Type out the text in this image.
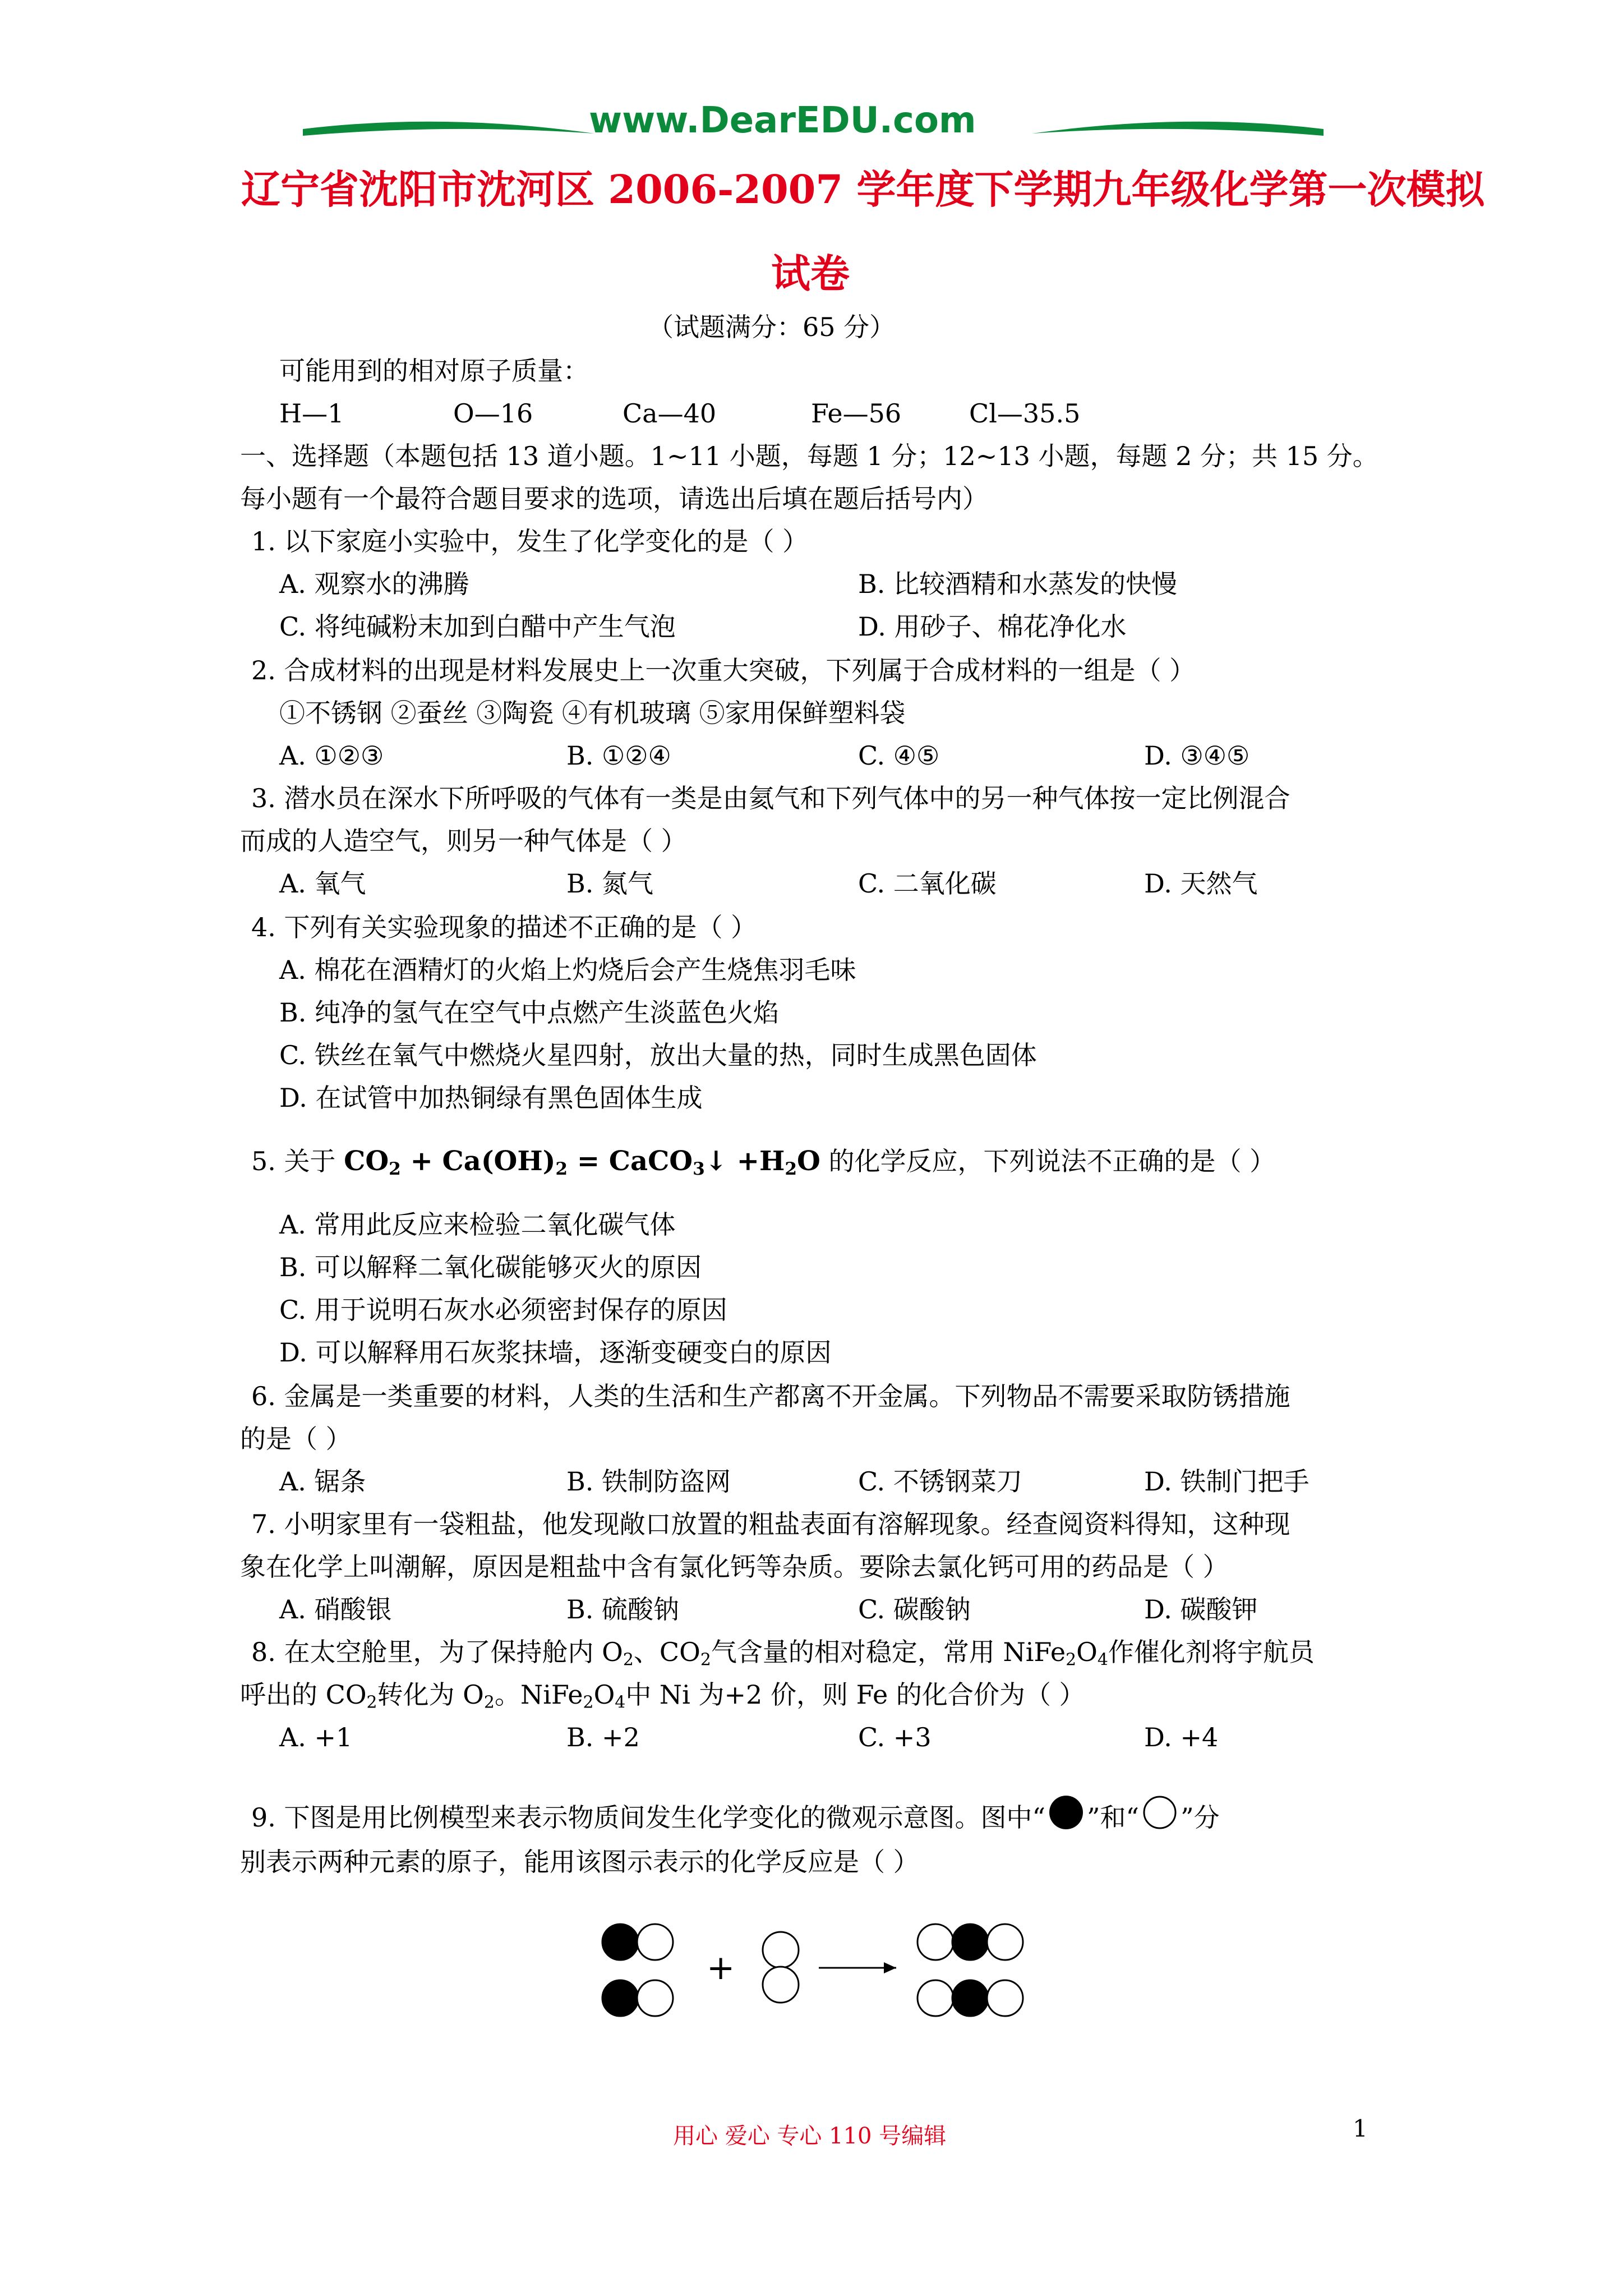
www.DearEDU.com
辽宁省沈阳市沈河区 2006-2007 学年度下学期九年级化学第一次模拟
试卷
（试题满分：65 分）
可能用到的相对原子质量：
H—1	O—16	Ca—40	Fe—56	Cl—35.5
一、选择题（本题包括 13 道小题。1~11 小题，每题 1 分；12~13 小题，每题 2 分；共 15 分。
每小题有一个最符合题目要求的选项，请选出后填在题后括号内）
1. 以下家庭小实验中，发生了化学变化的是（ ）
A. 观察水的沸腾	B. 比较酒精和水蒸发的快慢
C. 将纯碱粉末加到白醋中产生气泡	D. 用砂子、棉花净化水
2. 合成材料的出现是材料发展史上一次重大突破，下列属于合成材料的一组是（ ）
①不锈钢 ②蚕丝 ③陶瓷 ④有机玻璃 ⑤家用保鲜塑料袋
A. ①②③	B. ①②④	C. ④⑤	D. ③④⑤
3. 潜水员在深水下所呼吸的气体有一类是由氦气和下列气体中的另一种气体按一定比例混合
而成的人造空气，则另一种气体是（ ）
A. 氧气	B. 氮气	C. 二氧化碳	D. 天然气
4. 下列有关实验现象的描述不正确的是（ ）
A. 棉花在酒精灯的火焰上灼烧后会产生烧焦羽毛味
B. 纯净的氢气在空气中点燃产生淡蓝色火焰
C. 铁丝在氧气中燃烧火星四射，放出大量的热，同时生成黑色固体
D. 在试管中加热铜绿有黑色固体生成
5. 关于 $CO_2 + Ca(OH)_2$ = CaCO$_3$↓ $+H_2O$ 的化学反应，下列说法不正确的是（ ）
A. 常用此反应来检验二氧化碳气体
B. 可以解释二氧化碳能够灭火的原因
C. 用于说明石灰水必须密封保存的原因
D. 可以解释用石灰浆抹墙，逐渐变硬变白的原因
6. 金属是一类重要的材料，人类的生活和生产都离不开金属。下列物品不需要采取防锈措施
的是（ ）
A. 锯条	B. 铁制防盗网	C. 不锈钢菜刀	D. 铁制门把手
7. 小明家里有一袋粗盐，他发现敞口放置的粗盐表面有溶解现象。经查阅资料得知，这种现
象在化学上叫潮解，原因是粗盐中含有氯化钙等杂质。要除去氯化钙可用的药品是（ ）
A. 硝酸银	B. 硫酸钠	C. 碳酸钠	D. 碳酸钾
8. 在太空舱里，为了保持舱内 $O_2$、$CO_2$气含量的相对稳定，常用 $NiFe_2O_4$作催化剂将宇航员
呼出的 $CO_2$转化为 $O_2$。$NiFe_2O_4$中 Ni 为+2 价，则 Fe 的化合价为（ ）
A. +1	B. +2	C. +3	D. +4
9. 下图是用比例模型来表示物质间发生化学变化的微观示意图。图中“ ”和“ ”分
别表示两种元素的原子，能用该图示表示的化学反应是（ ）
+
用心 爱心 专心 110 号编辑	1
